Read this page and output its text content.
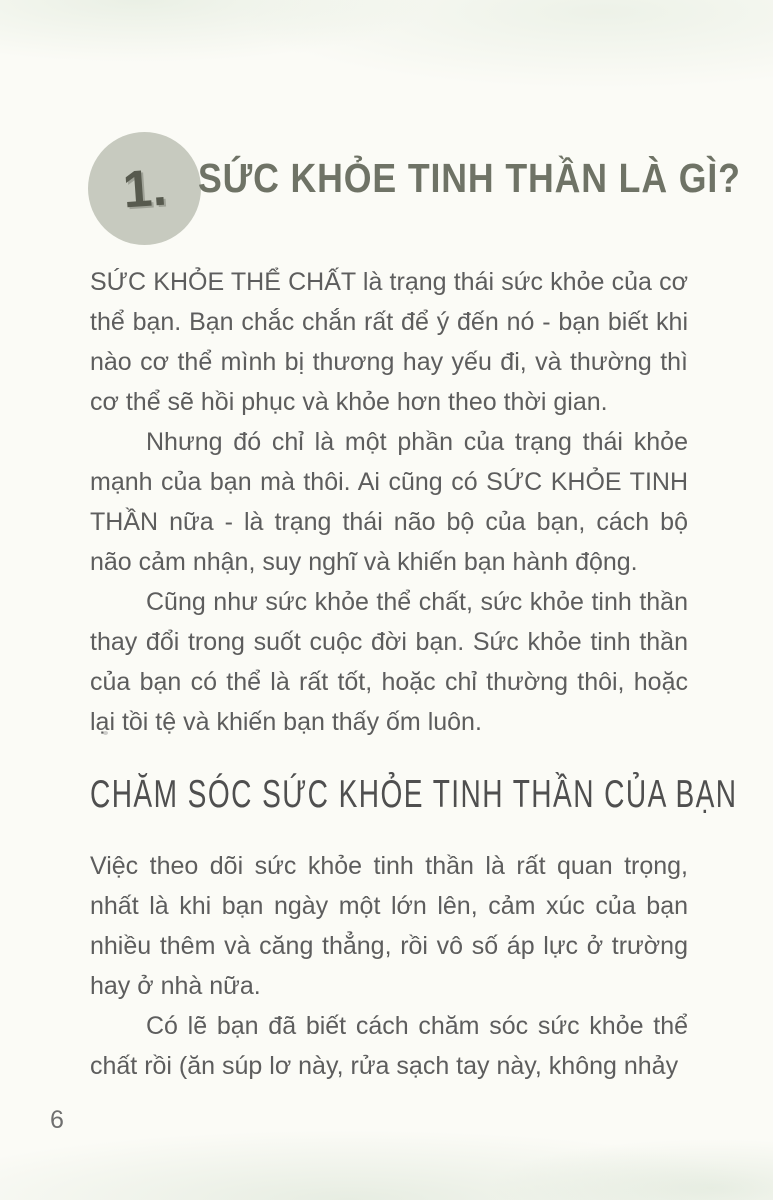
1. SỨC KHỎE TINH THẦN LÀ GÌ?

SỨC KHỎE THỂ CHẤT là trạng thái sức khỏe của cơ thể bạn. Bạn chắc chắn rất để ý đến nó - bạn biết khi nào cơ thể mình bị thương hay yếu đi, và thường thì cơ thể sẽ hồi phục và khỏe hơn theo thời gian.

Nhưng đó chỉ là một phần của trạng thái khỏe mạnh của bạn mà thôi. Ai cũng có SỨC KHỎE TINH THẦN nữa - là trạng thái não bộ của bạn, cách bộ não cảm nhận, suy nghĩ và khiến bạn hành động.

Cũng như sức khỏe thể chất, sức khỏe tinh thần thay đổi trong suốt cuộc đời bạn. Sức khỏe tinh thần của bạn có thể là rất tốt, hoặc chỉ thường thôi, hoặc lại tồi tệ và khiến bạn thấy ốm luôn.

CHĂM SÓC SỨC KHỎE TINH THẦN CỦA BẠN

Việc theo dõi sức khỏe tinh thần là rất quan trọng, nhất là khi bạn ngày một lớn lên, cảm xúc của bạn nhiều thêm và căng thẳng, rồi vô số áp lực ở trường hay ở nhà nữa.

Có lẽ bạn đã biết cách chăm sóc sức khỏe thể chất rồi (ăn súp lơ này, rửa sạch tay này, không nhảy

6
